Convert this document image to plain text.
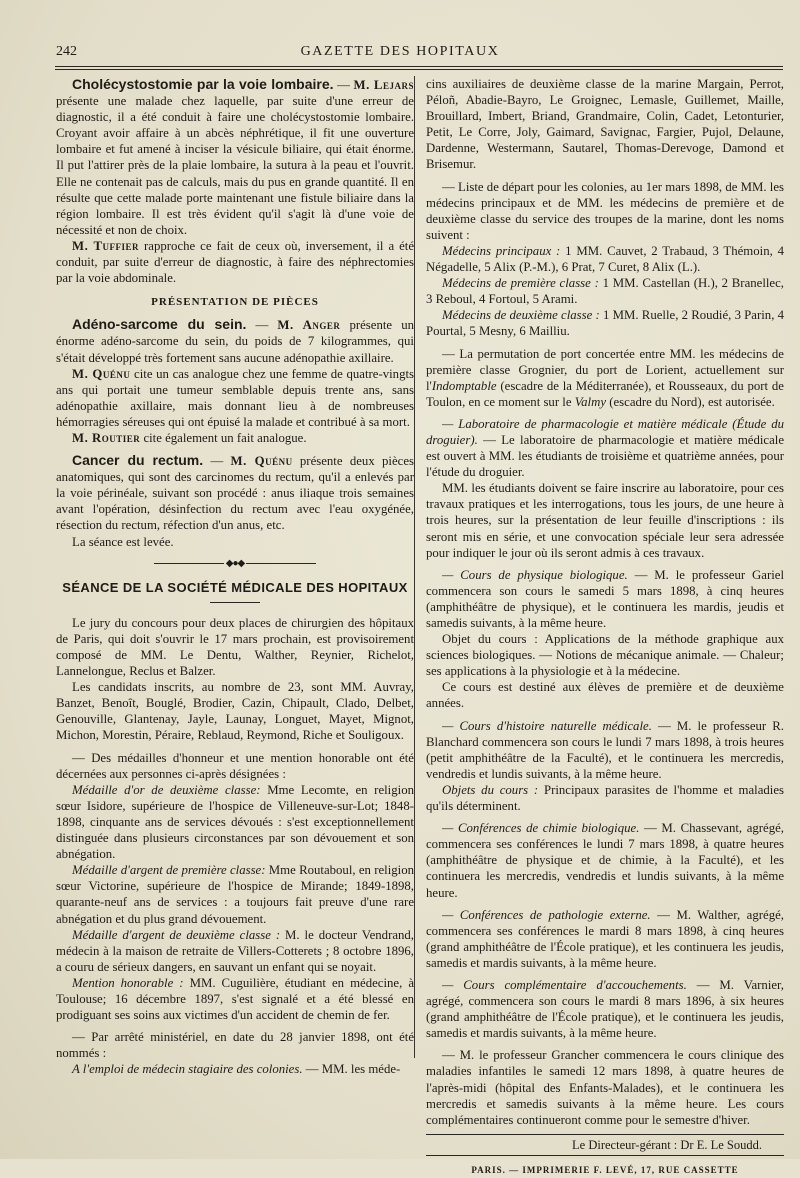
242	GAZETTE DES HOPITAUX

Cholécystostomie par la voie lombaire. — M. Lejars présente une malade chez laquelle, par suite d'une erreur de diagnostic, il a été conduit à faire une cholécystostomie lombaire. Croyant avoir affaire à un abcès néphrétique, il fit une ouverture lombaire et fut amené à inciser la vésicule biliaire, qui était énorme. Il put l'attirer près de la plaie lombaire, la sutura à la peau et l'ouvrit. Elle ne contenait pas de calculs, mais du pus en grande quantité. Il en résulte que cette malade porte maintenant une fistule biliaire dans la région lombaire. Il est très évident qu'il s'agit là d'une voie de nécessité et non de choix.

M. Tuffier rapproche ce fait de ceux où, inversement, il a été conduit, par suite d'erreur de diagnostic, à faire des néphrectomies par la voie abdominale.

PRÉSENTATION DE PIÈCES

Adéno-sarcome du sein. — M. Anger présente un énorme adéno-sarcome du sein, du poids de 7 kilogrammes, qui s'était développé très fortement sans aucune adénopathie axillaire.

M. Quénu cite un cas analogue chez une femme de quatre-vingts ans qui portait une tumeur semblable depuis trente ans, sans adénopathie axillaire, mais donnant lieu à de nombreuses hémorragies séreuses qui ont épuisé la malade et contribué à sa mort.

M. Routier cite également un fait analogue.

Cancer du rectum. — M. Quénu présente deux pièces anatomiques, qui sont des carcinomes du rectum, qu'il a enlevés par la voie périnéale, suivant son procédé : anus iliaque trois semaines avant l'opération, désinfection du rectum avec l'eau oxygénée, résection du rectum, réfection d'un anus, etc.

La séance est levée.

◆●◆

SÉANCE DE LA SOCIÉTÉ MÉDICALE DES HOPITAUX

Le jury du concours pour deux places de chirurgien des hôpitaux de Paris, qui doit s'ouvrir le 17 mars prochain, est provisoirement composé de MM. Le Dentu, Walther, Reynier, Richelot, Lannelongue, Reclus et Balzer.

Les candidats inscrits, au nombre de 23, sont MM. Auvray, Banzet, Benoît, Bouglé, Brodier, Cazin, Chipault, Clado, Delbet, Genouville, Glantenay, Jayle, Launay, Longuet, Mayet, Mignot, Michon, Morestin, Péraire, Reblaud, Reymond, Riche et Souligoux.

— Des médailles d'honneur et une mention honorable ont été décernées aux personnes ci-après désignées :

Médaille d'or de deuxième classe: Mme Lecomte, en religion sœur Isidore, supérieure de l'hospice de Villeneuve-sur-Lot; 1848-1898, cinquante ans de services dévoués : s'est exceptionnellement distinguée dans plusieurs circonstances par son dévouement et son abnégation.

Médaille d'argent de première classe: Mme Routaboul, en religion sœur Victorine, supérieure de l'hospice de Mirande; 1849-1898, quarante-neuf ans de services : a toujours fait preuve d'une rare abnégation et du plus grand dévouement.

Médaille d'argent de deuxième classe : M. le docteur Vendrand, médecin à la maison de retraite de Villers-Cotterets ; 8 octobre 1896, a couru de sérieux dangers, en sauvant un enfant qui se noyait.

Mention honorable : MM. Cuguilière, étudiant en médecine, à Toulouse; 16 décembre 1897, s'est signalé et a été blessé en prodiguant ses soins aux victimes d'un accident de chemin de fer.

— Par arrêté ministériel, en date du 28 janvier 1898, ont été nommés :

A l'emploi de médecin stagiaire des colonies. — MM. les méde-

cins auxiliaires de deuxième classe de la marine Margain, Perrot, Péloñ, Abadie-Bayro, Le Groignec, Lemasle, Guillemet, Maille, Brouillard, Imbert, Briand, Grandmaire, Colin, Cadet, Letonturier, Petit, Le Corre, Joly, Gaimard, Savignac, Fargier, Pujol, Delaune, Dardenne, Westermann, Sautarel, Thomas-Derevoge, Damond et Brisemur.

— Liste de départ pour les colonies, au 1er mars 1898, de MM. les médecins principaux et de MM. les médecins de première et de deuxième classe du service des troupes de la marine, dont les noms suivent :

Médecins principaux : 1 MM. Cauvet, 2 Trabaud, 3 Thémoin, 4 Négadelle, 5 Alix (P.-M.), 6 Prat, 7 Curet, 8 Alix (L.).

Médecins de première classe : 1 MM. Castellan (H.), 2 Branellec, 3 Reboul, 4 Fortoul, 5 Arami.

Médecins de deuxième classe : 1 MM. Ruelle, 2 Roudié, 3 Parin, 4 Pourtal, 5 Mesny, 6 Mailliu.

— La permutation de port concertée entre MM. les médecins de première classe Grognier, du port de Lorient, actuellement sur l'Indomptable (escadre de la Méditerranée), et Rousseaux, du port de Toulon, en ce moment sur le Valmy (escadre du Nord), est autorisée.

— Laboratoire de pharmacologie et matière médicale (Étude du droguier). — Le laboratoire de pharmacologie et matière médicale est ouvert à MM. les étudiants de troisième et quatrième années, pour l'étude du droguier.

MM. les étudiants doivent se faire inscrire au laboratoire, pour ces travaux pratiques et les interrogations, tous les jours, de une heure à trois heures, sur la présentation de leur feuille d'inscriptions : ils seront mis en série, et une convocation spéciale leur sera adressée pour indiquer le jour où ils seront admis à ces travaux.

— Cours de physique biologique. — M. le professeur Gariel commencera son cours le samedi 5 mars 1898, à cinq heures (amphithéâtre de physique), et le continuera les mardis, jeudis et samedis suivants, à la même heure.

Objet du cours : Applications de la méthode graphique aux sciences biologiques. — Notions de mécanique animale. — Chaleur; ses applications à la physiologie et à la médecine.

Ce cours est destiné aux élèves de première et de deuxième années.

— Cours d'histoire naturelle médicale. — M. le professeur R. Blanchard commencera son cours le lundi 7 mars 1898, à trois heures (petit amphithéâtre de la Faculté), et le continuera les mercredis, vendredis et lundis suivants, à la même heure.

Objets du cours : Principaux parasites de l'homme et maladies qu'ils déterminent.

— Conférences de chimie biologique. — M. Chassevant, agrégé, commencera ses conférences le lundi 7 mars 1898, à quatre heures (amphithéâtre de physique et de chimie, à la Faculté), et les continuera les mercredis, vendredis et lundis suivants, à la même heure.

— Conférences de pathologie externe. — M. Walther, agrégé, commencera ses conférences le mardi 8 mars 1898, à cinq heures (grand amphithéâtre de l'École pratique), et les continuera les jeudis, samedis et mardis suivants, à la même heure.

— Cours complémentaire d'accouchements. — M. Varnier, agrégé, commencera son cours le mardi 8 mars 1896, à six heures (grand amphithéâtre de l'École pratique), et le continuera les jeudis, samedis et mardis suivants, à la même heure.

— M. le professeur Grancher commencera le cours clinique des maladies infantiles le samedi 12 mars 1898, à quatre heures de l'après-midi (hôpital des Enfants-Malades), et le continuera les mercredis et samedis suivants à la même heure. Les cours complémentaires continueront comme pour le semestre d'hiver.

Le Directeur-gérant : Dr E. Le Soudd.

PARIS. — IMPRIMERIE F. LEVÉ, 17, RUE CASSETTE
